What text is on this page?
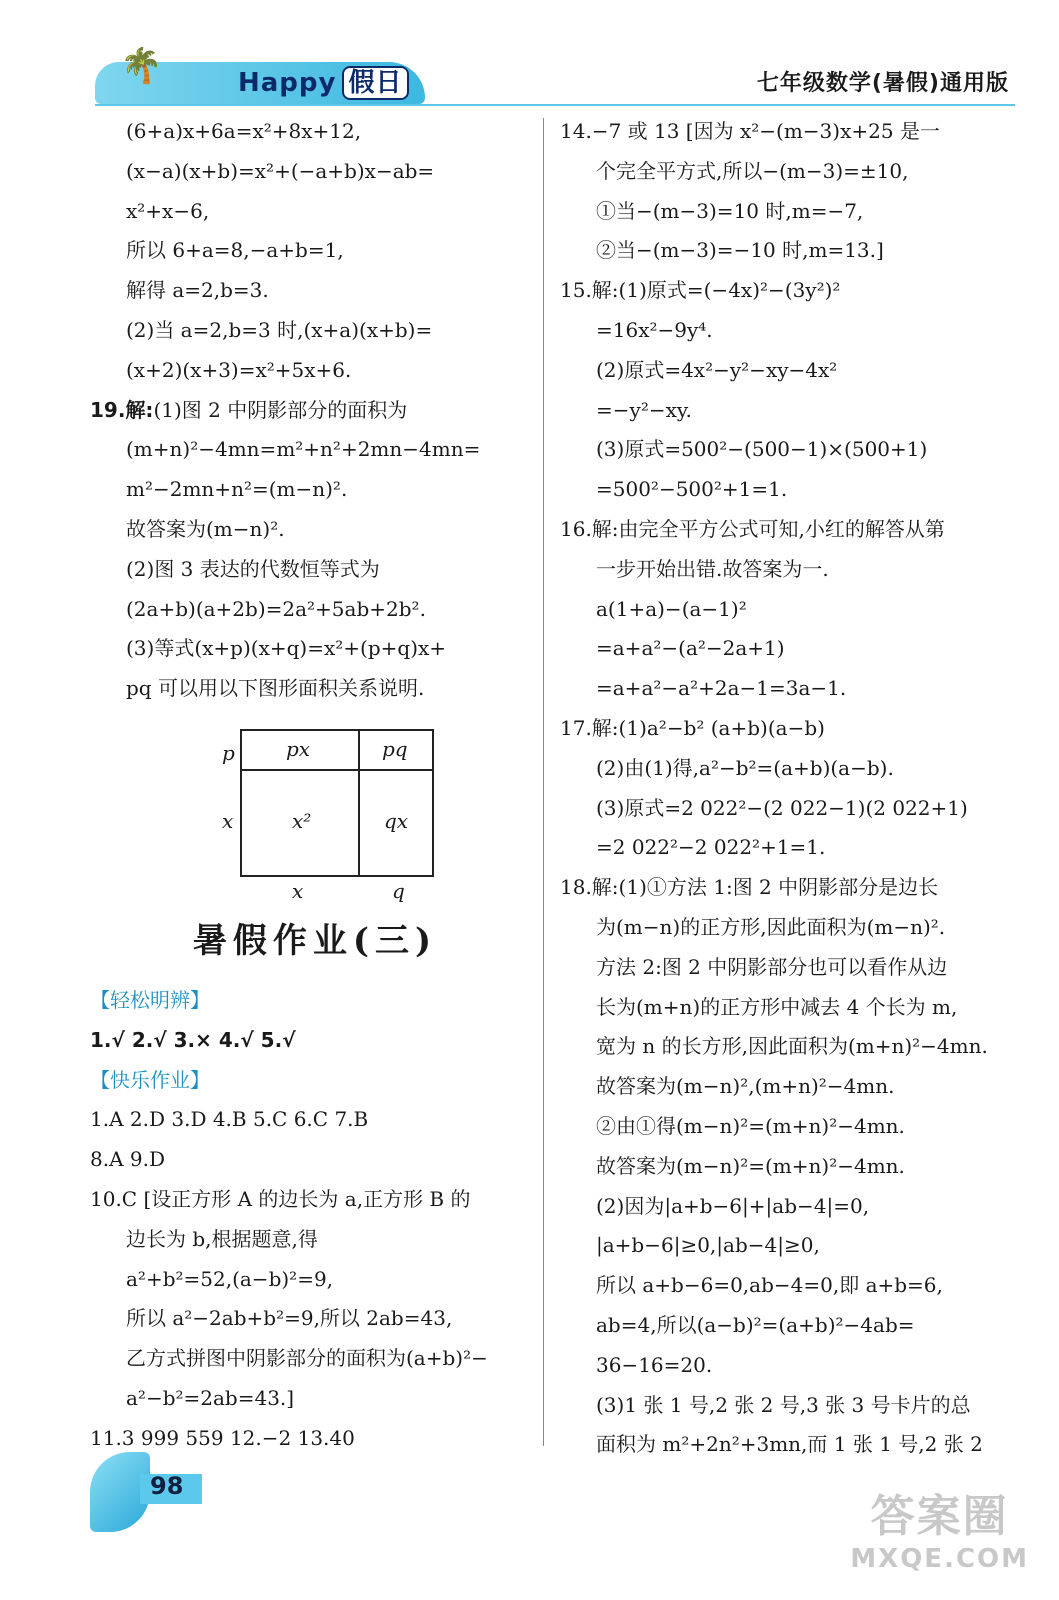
🌴	Happy 假日	七年级数学(暑假)通用版
(6+a)x+6a=x²+8x+12,
(x−a)(x+b)=x²+(−a+b)x−ab=
x²+x−6,
所以 6+a=8,−a+b=1,
解得 a=2,b=3.
(2)当 a=2,b=3 时,(x+a)(x+b)=
(x+2)(x+3)=x²+5x+6.
19.解:(1)图 2 中阴影部分的面积为
(m+n)²−4mn=m²+n²+2mn−4mn=
m²−2mn+n²=(m−n)².
故答案为(m−n)².
(2)图 3 表达的代数恒等式为
(2a+b)(a+2b)=2a²+5ab+2b².
(3)等式(x+p)(x+q)=x²+(p+q)x+
pq 可以用以下图形面积关系说明.
p
x
px	pq
x²	qx
x	q
暑假作业(三)
【轻松明辨】
1.√ 2.√ 3.× 4.√ 5.√
【快乐作业】
1.A 2.D 3.D 4.B 5.C 6.C 7.B
8.A 9.D
10.C [设正方形 A 的边长为 a,正方形 B 的
边长为 b,根据题意,得
a²+b²=52,(a−b)²=9,
所以 a²−2ab+b²=9,所以 2ab=43,
乙方式拼图中阴影部分的面积为(a+b)²−
a²−b²=2ab=43.]
11.3 999 559 12.−2 13.40
14.−7 或 13 [因为 x²−(m−3)x+25 是一
个完全平方式,所以−(m−3)=±10,
①当−(m−3)=10 时,m=−7,
②当−(m−3)=−10 时,m=13.]
15.解:(1)原式=(−4x)²−(3y²)²
=16x²−9y⁴.
(2)原式=4x²−y²−xy−4x²
=−y²−xy.
(3)原式=500²−(500−1)×(500+1)
=500²−500²+1=1.
16.解:由完全平方公式可知,小红的解答从第
一步开始出错.故答案为一.
a(1+a)−(a−1)²
=a+a²−(a²−2a+1)
=a+a²−a²+2a−1=3a−1.
17.解:(1)a²−b² (a+b)(a−b)
(2)由(1)得,a²−b²=(a+b)(a−b).
(3)原式=2 022²−(2 022−1)(2 022+1)
=2 022²−2 022²+1=1.
18.解:(1)①方法 1:图 2 中阴影部分是边长
为(m−n)的正方形,因此面积为(m−n)².
方法 2:图 2 中阴影部分也可以看作从边
长为(m+n)的正方形中减去 4 个长为 m,
宽为 n 的长方形,因此面积为(m+n)²−4mn.
故答案为(m−n)²,(m+n)²−4mn.
②由①得(m−n)²=(m+n)²−4mn.
故答案为(m−n)²=(m+n)²−4mn.
(2)因为|a+b−6|+|ab−4|=0,
|a+b−6|≥0,|ab−4|≥0,
所以 a+b−6=0,ab−4=0,即 a+b=6,
ab=4,所以(a−b)²=(a+b)²−4ab=
36−16=20.
(3)1 张 1 号,2 张 2 号,3 张 3 号卡片的总
面积为 m²+2n²+3mn,而 1 张 1 号,2 张 2
98
答案圈
MXQE.COM
